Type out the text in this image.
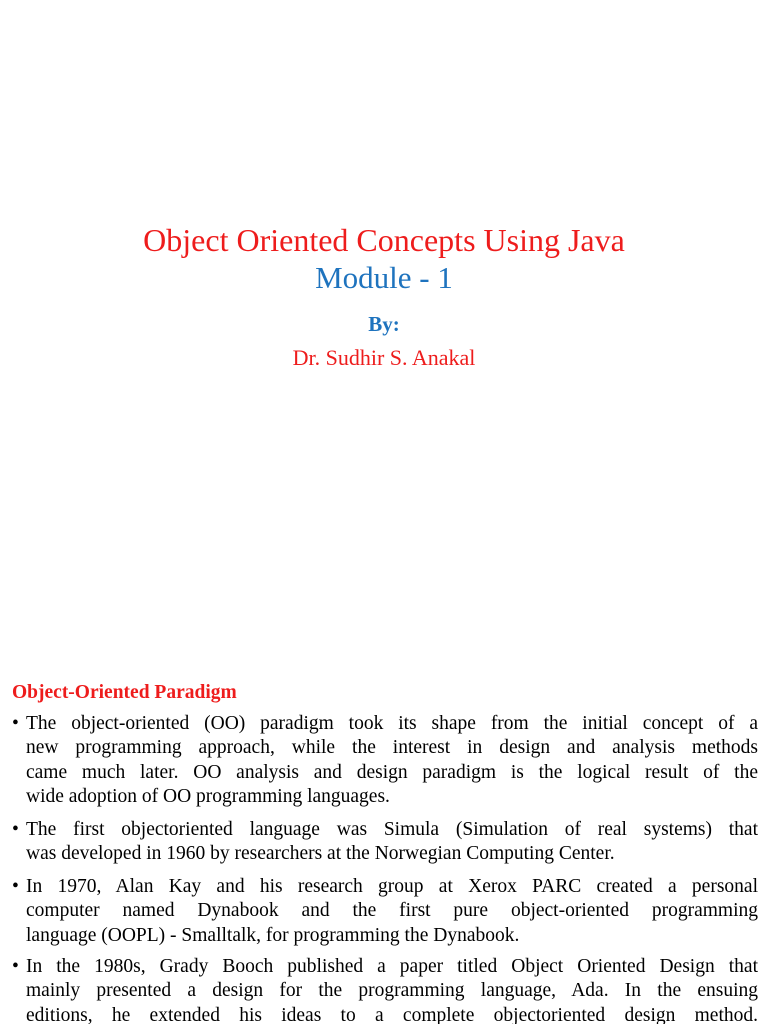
Object Oriented Concepts Using Java
Module - 1
By:
Dr. Sudhir S. Anakal
Object-Oriented Paradigm
• The object-oriented (OO) paradigm took its shape from the initial concept of a
new programming approach, while the interest in design and analysis methods
came much later. OO analysis and design paradigm is the logical result of the
wide adoption of OO programming languages.
• The first objectoriented language was Simula (Simulation of real systems) that
was developed in 1960 by researchers at the Norwegian Computing Center.
• In 1970, Alan Kay and his research group at Xerox PARC created a personal
computer named Dynabook and the first pure object-oriented programming
language (OOPL) - Smalltalk, for programming the Dynabook.
• In the 1980s, Grady Booch published a paper titled Object Oriented Design that
mainly presented a design for the programming language, Ada. In the ensuing
editions, he extended his ideas to a complete objectoriented design method.
